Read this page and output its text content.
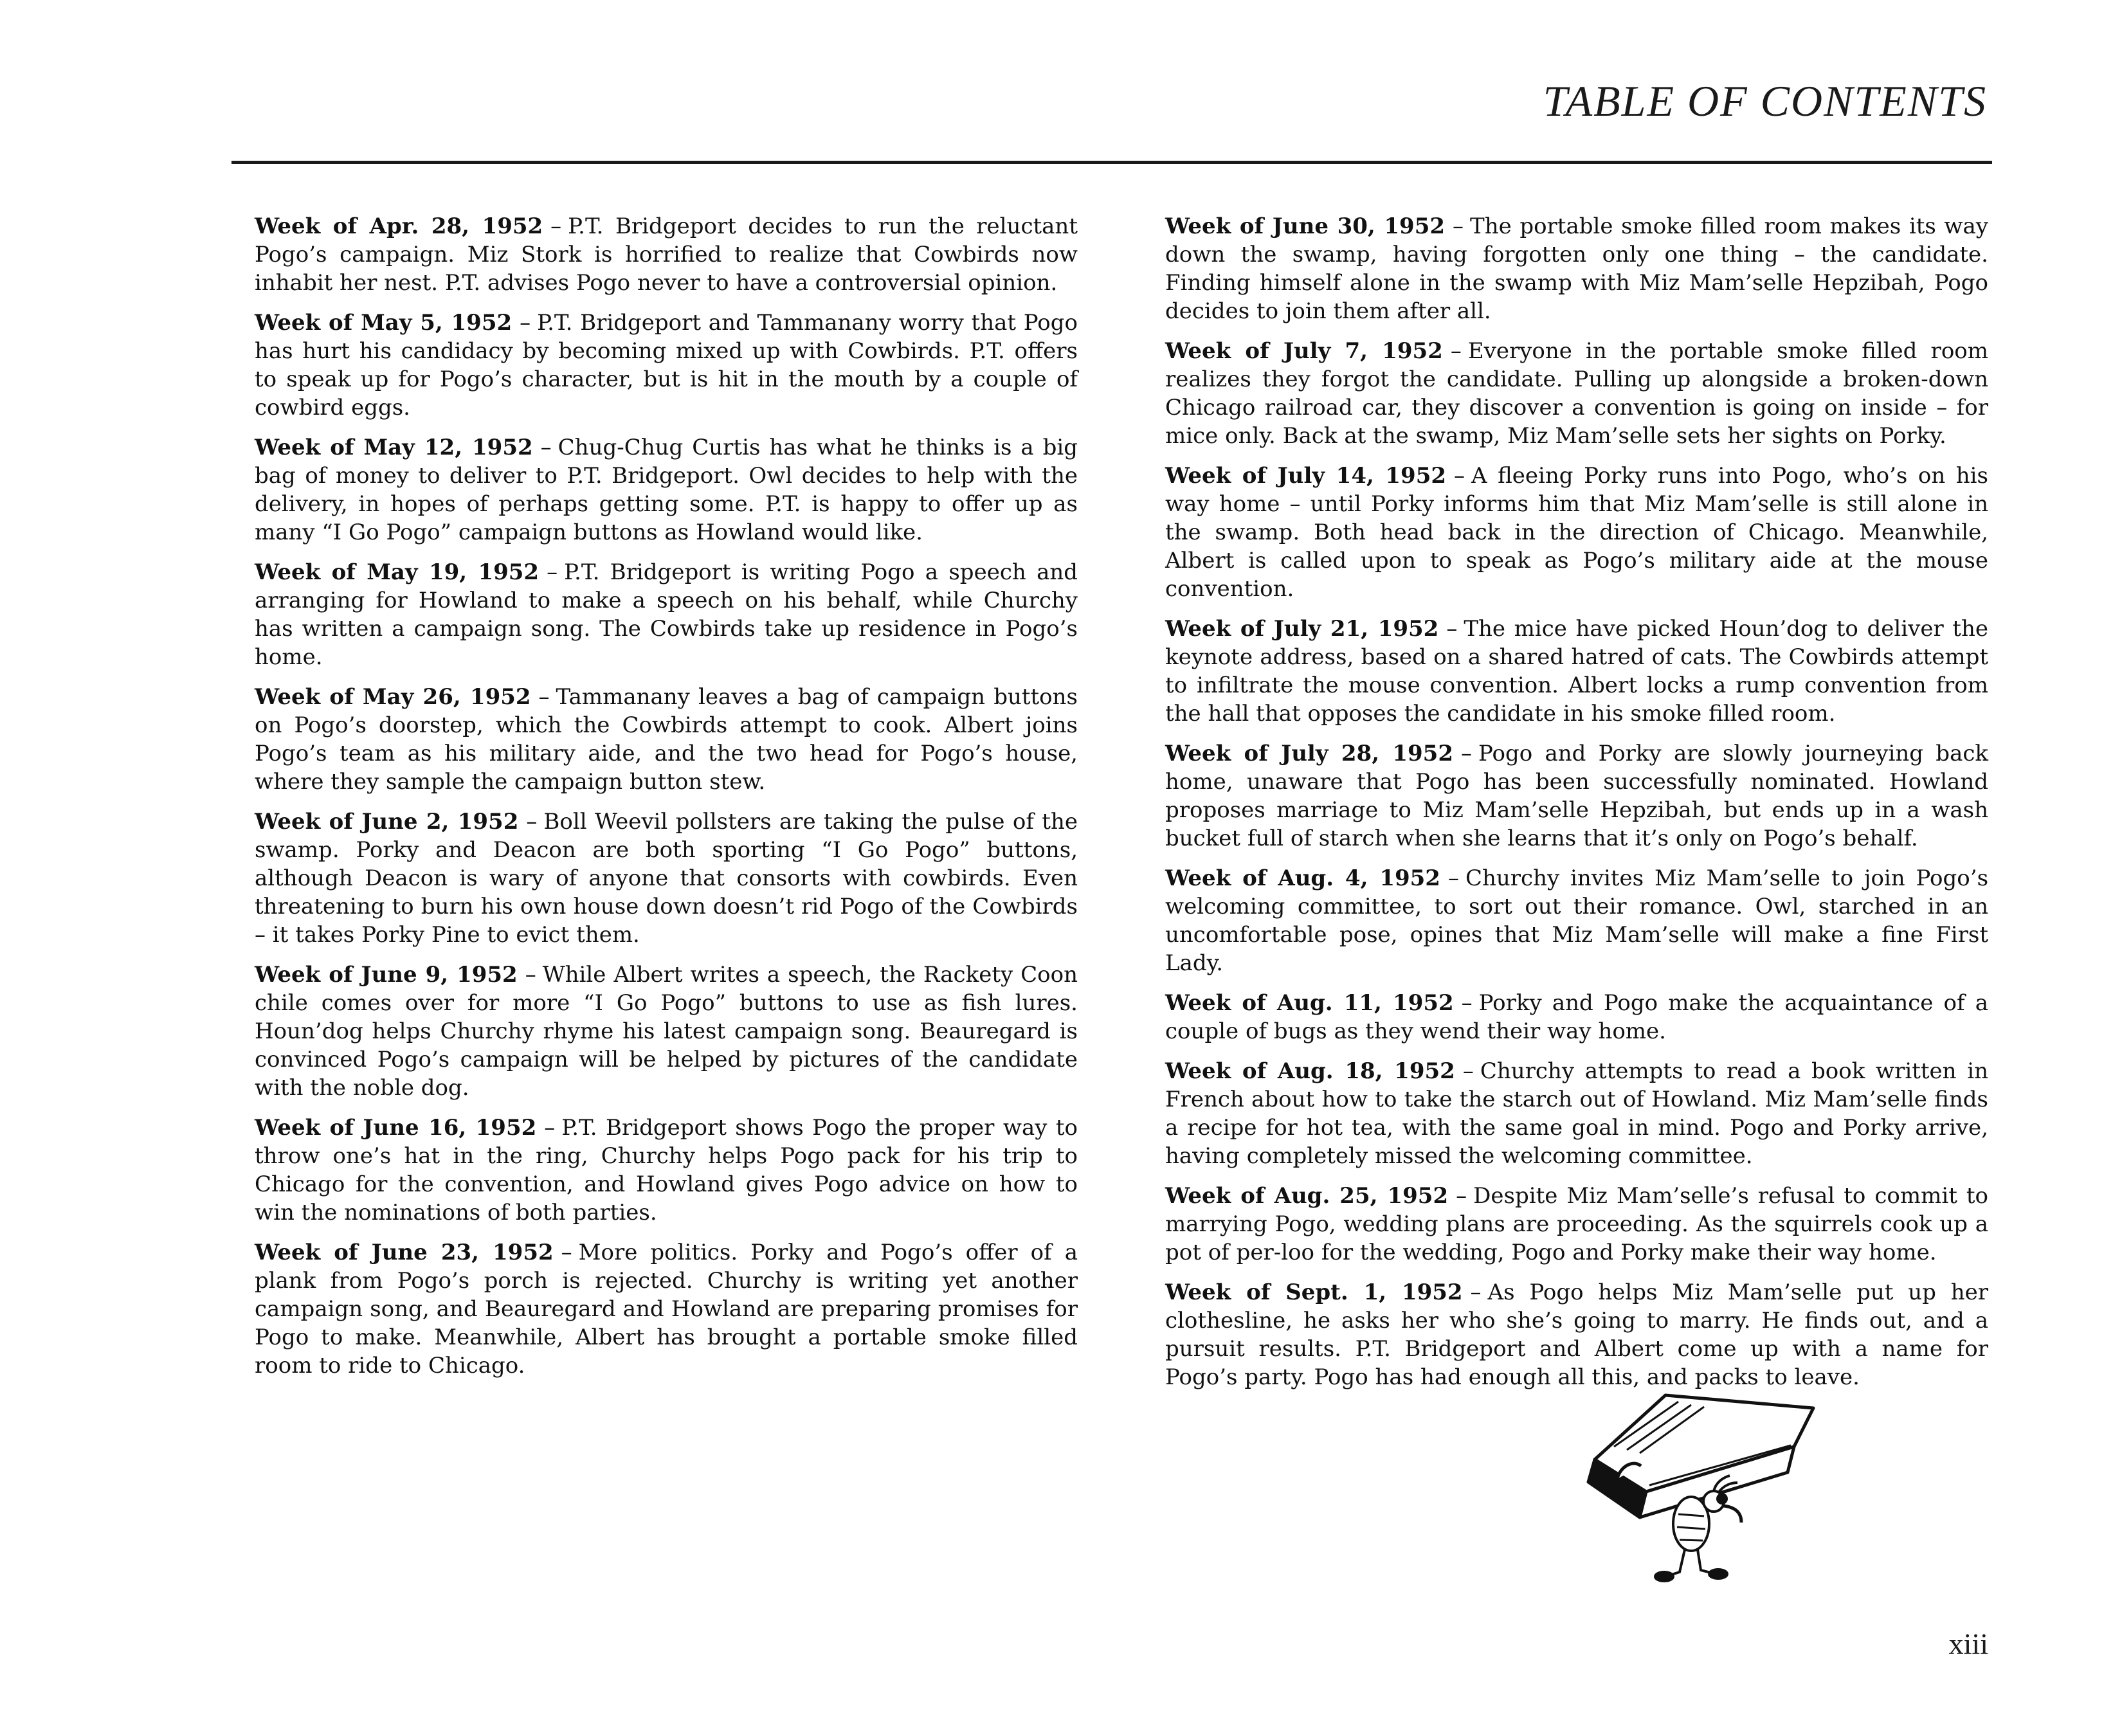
TABLE OF CONTENTS

Week of Apr. 28, 1952 – P.T. Bridgeport decides to run the reluctant Pogo’s campaign. Miz Stork is horrified to realize that Cowbirds now inhabit her nest. P.T. advises Pogo never to have a controversial opinion.

Week of May 5, 1952 – P.T. Bridgeport and Tammanany worry that Pogo has hurt his candidacy by becoming mixed up with Cowbirds. P.T. offers to speak up for Pogo’s character, but is hit in the mouth by a couple of cowbird eggs.

Week of May 12, 1952 – Chug-Chug Curtis has what he thinks is a big bag of money to deliver to P.T. Bridgeport. Owl decides to help with the delivery, in hopes of perhaps getting some. P.T. is happy to offer up as many “I Go Pogo” campaign buttons as Howland would like.

Week of May 19, 1952 – P.T. Bridgeport is writing Pogo a speech and arranging for Howland to make a speech on his behalf, while Churchy has written a campaign song. The Cowbirds take up residence in Pogo’s home.

Week of May 26, 1952 – Tammanany leaves a bag of campaign buttons on Pogo’s doorstep, which the Cowbirds attempt to cook. Albert joins Pogo’s team as his military aide, and the two head for Pogo’s house, where they sample the campaign button stew.

Week of June 2, 1952 – Boll Weevil pollsters are taking the pulse of the swamp. Porky and Deacon are both sporting “I Go Pogo” buttons, although Deacon is wary of anyone that consorts with cowbirds. Even threatening to burn his own house down doesn’t rid Pogo of the Cowbirds – it takes Porky Pine to evict them.

Week of June 9, 1952 – While Albert writes a speech, the Rackety Coon chile comes over for more “I Go Pogo” buttons to use as fish lures. Houn’dog helps Churchy rhyme his latest campaign song. Beauregard is convinced Pogo’s campaign will be helped by pictures of the candidate with the noble dog.

Week of June 16, 1952 – P.T. Bridgeport shows Pogo the proper way to throw one’s hat in the ring, Churchy helps Pogo pack for his trip to Chicago for the convention, and Howland gives Pogo advice on how to win the nominations of both parties.

Week of June 23, 1952 – More politics. Porky and Pogo’s offer of a plank from Pogo’s porch is rejected. Churchy is writing yet another campaign song, and Beauregard and Howland are preparing promises for Pogo to make. Meanwhile, Albert has brought a portable smoke filled room to ride to Chicago.

Week of June 30, 1952 – The portable smoke filled room makes its way down the swamp, having forgotten only one thing – the candidate. Finding himself alone in the swamp with Miz Mam’selle Hepzibah, Pogo decides to join them after all.

Week of July 7, 1952 – Everyone in the portable smoke filled room realizes they forgot the candidate. Pulling up alongside a broken-down Chicago railroad car, they discover a convention is going on inside – for mice only. Back at the swamp, Miz Mam’selle sets her sights on Porky.

Week of July 14, 1952 – A fleeing Porky runs into Pogo, who’s on his way home – until Porky informs him that Miz Mam’selle is still alone in the swamp. Both head back in the direction of Chicago. Meanwhile, Albert is called upon to speak as Pogo’s military aide at the mouse convention.

Week of July 21, 1952 – The mice have picked Houn’dog to deliver the keynote address, based on a shared hatred of cats. The Cowbirds attempt to infiltrate the mouse convention. Albert locks a rump convention from the hall that opposes the candidate in his smoke filled room.

Week of July 28, 1952 – Pogo and Porky are slowly journeying back home, unaware that Pogo has been successfully nominated. Howland proposes marriage to Miz Mam’selle Hepzibah, but ends up in a wash bucket full of starch when she learns that it’s only on Pogo’s behalf.

Week of Aug. 4, 1952 – Churchy invites Miz Mam’selle to join Pogo’s welcoming committee, to sort out their romance. Owl, starched in an uncomfortable pose, opines that Miz Mam’selle will make a fine First Lady.

Week of Aug. 11, 1952 – Porky and Pogo make the acquaintance of a couple of bugs as they wend their way home.

Week of Aug. 18, 1952 – Churchy attempts to read a book written in French about how to take the starch out of Howland. Miz Mam’selle finds a recipe for hot tea, with the same goal in mind. Pogo and Porky arrive, having completely missed the welcoming committee.

Week of Aug. 25, 1952 – Despite Miz Mam’selle’s refusal to commit to marrying Pogo, wedding plans are proceeding. As the squirrels cook up a pot of per-loo for the wedding, Pogo and Porky make their way home.

Week of Sept. 1, 1952 – As Pogo helps Miz Mam’selle put up her clothesline, he asks her who she’s going to marry. He finds out, and a pursuit results. P.T. Bridgeport and Albert come up with a name for Pogo’s party. Pogo has had enough all this, and packs to leave.

xiii
